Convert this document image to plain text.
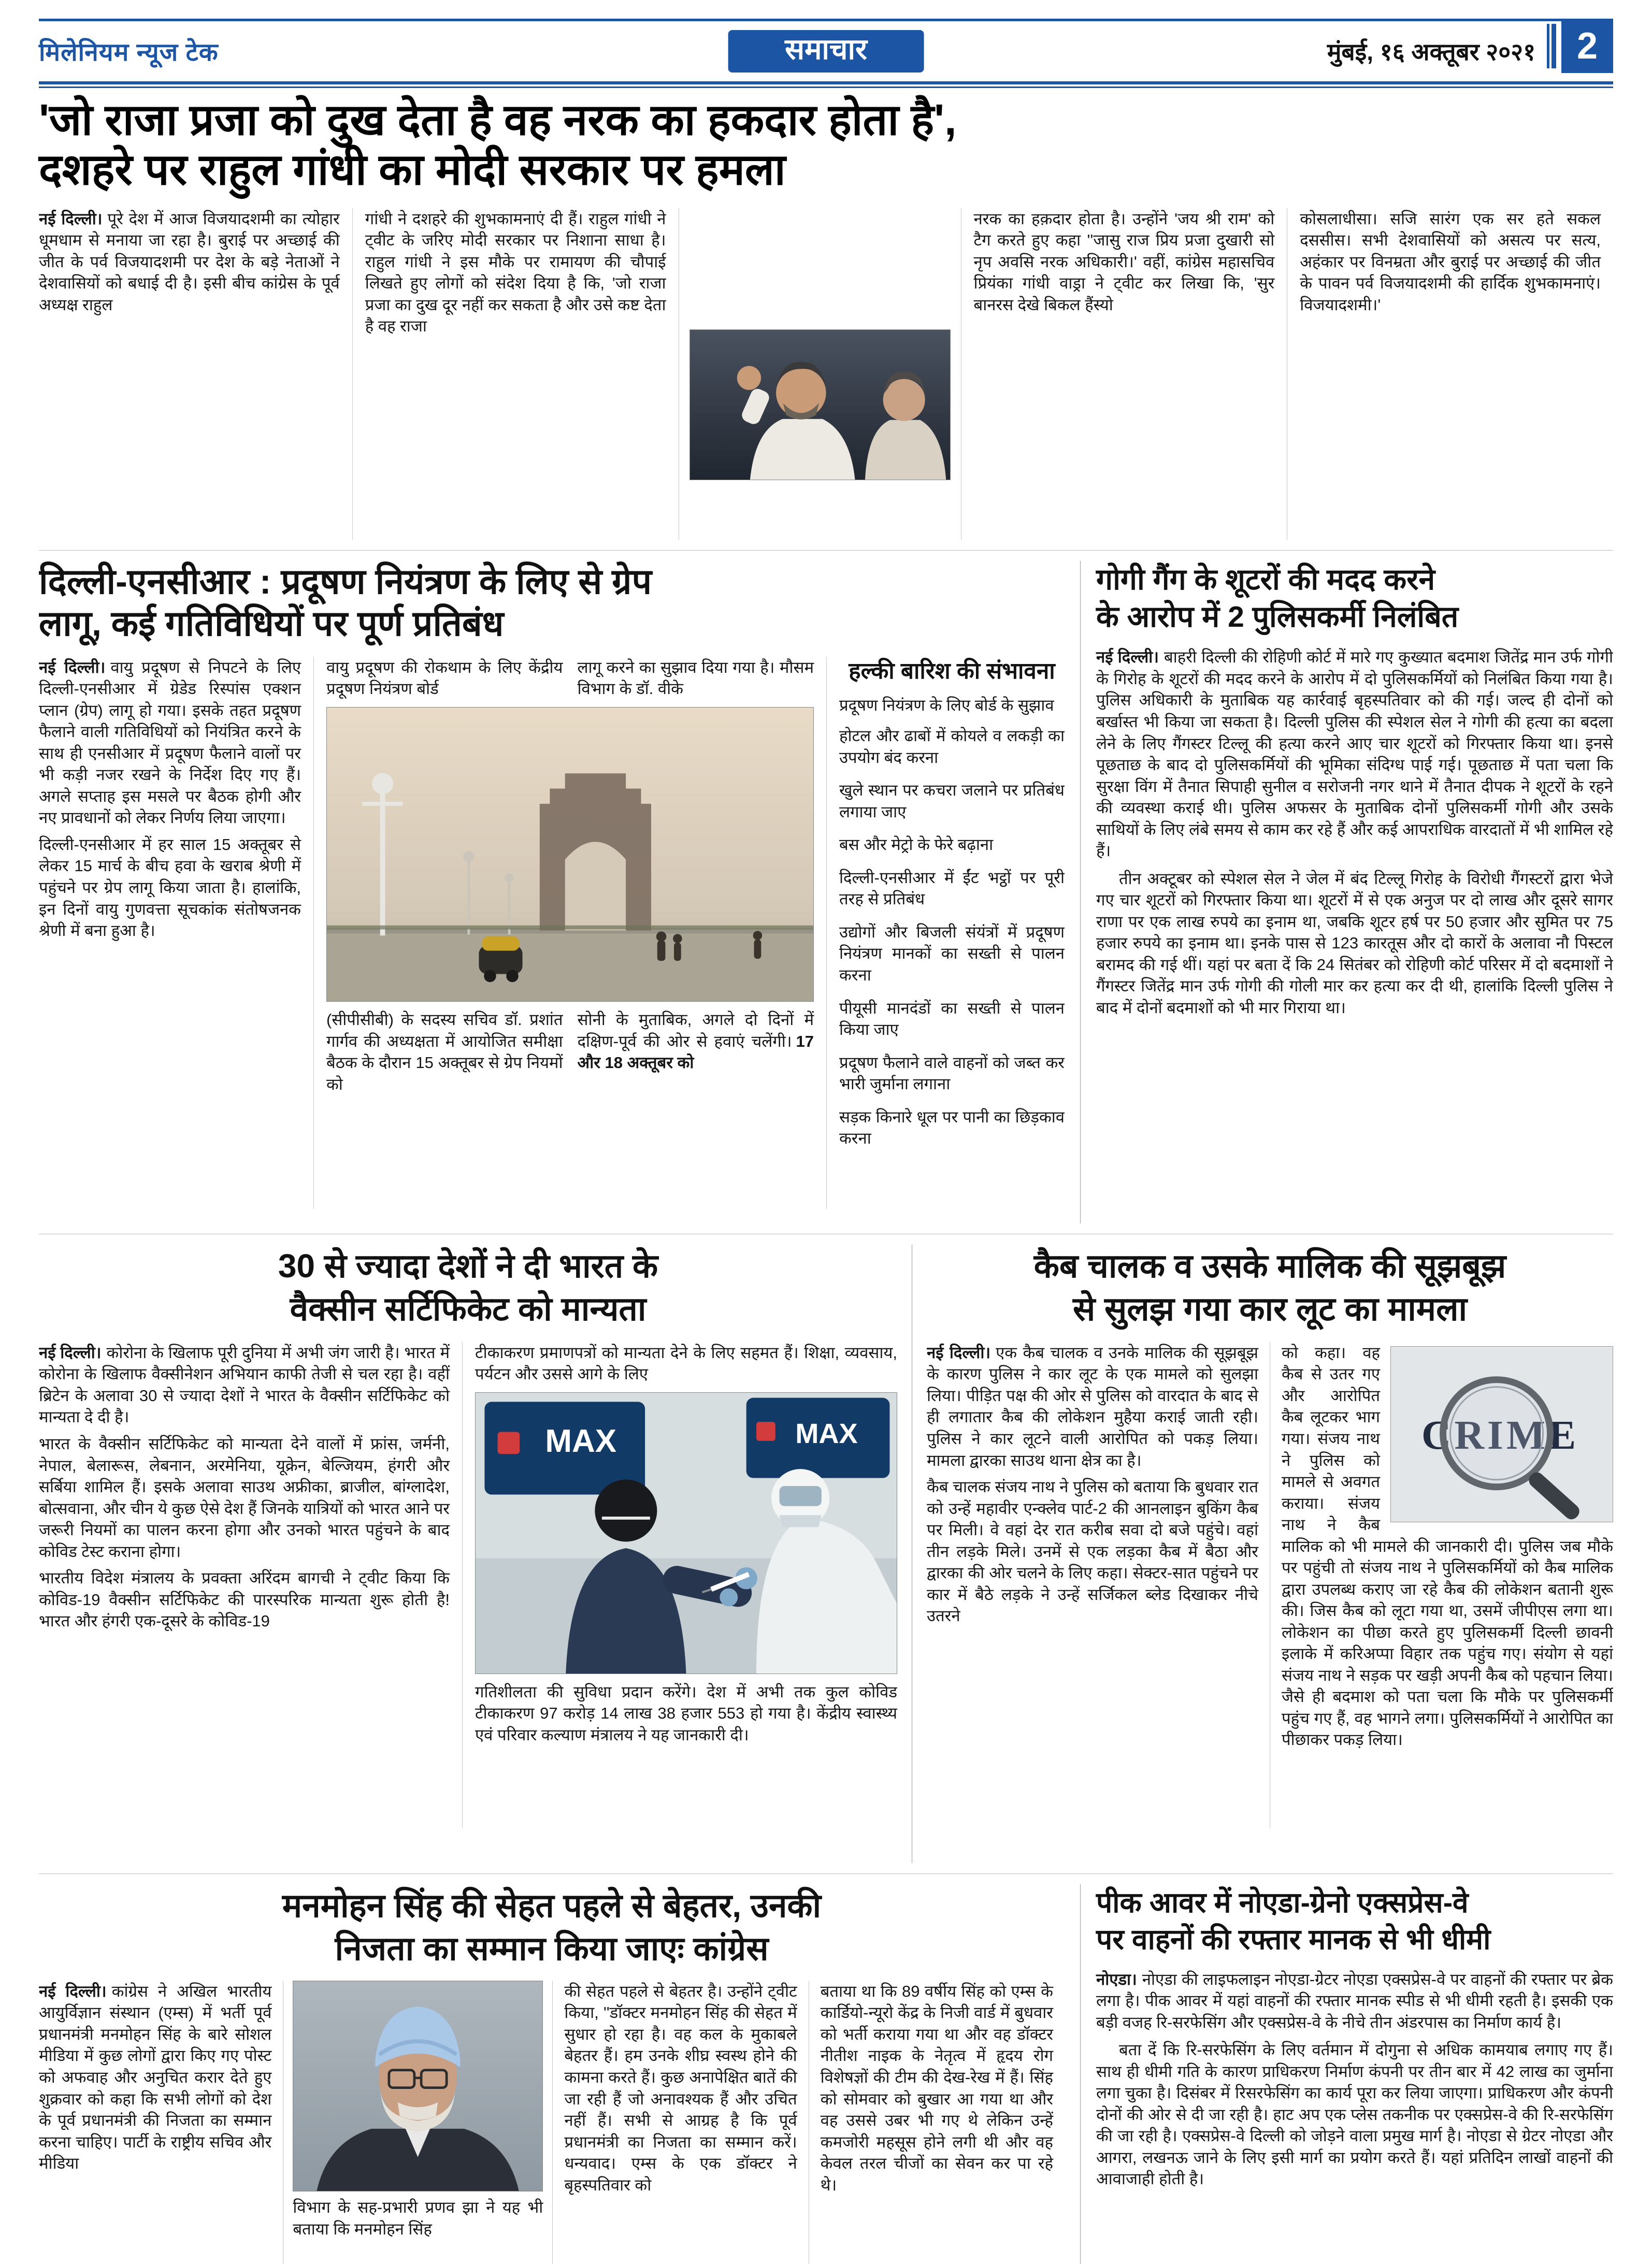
मिलेनियम न्यूज टेक	समाचार	मुंबई, १६ अक्तूबर २०२१	2
'जो राजा प्रजा को दुख देता है वह नरक का हकदार होता है',
दशहरे पर राहुल गांधी का मोदी सरकार पर हमला
नई दिल्ली। पूरे देश में आज विजयादशमी का त्योहार धूमधाम से मनाया जा रहा है। बुराई पर अच्छाई की जीत के पर्व विजयादशमी पर देश के बड़े नेताओं ने देशवासियों को बधाई दी है। इसी बीच कांग्रेस के पूर्व अध्यक्ष राहुल
गांधी ने दशहरे की शुभकामनाएं दी हैं। राहुल गांधी ने ट्वीट के जरिए मोदी सरकार पर निशाना साधा है। राहुल गांधी ने इस मौके पर रामायण की चौपाई लिखते हुए लोगों को संदेश दिया है कि, 'जो राजा प्रजा का दुख दूर नहीं कर सकता है और उसे कष्ट देता है वह राजा
नरक का हक़दार होता है। उन्होंने 'जय श्री राम' को टैग करते हुए कहा ''जासु राज प्रिय प्रजा दुखारी सो नृप अवसि नरक अधिकारी।' वहीं, कांग्रेस महासचिव प्रियंका गांधी वाड्रा ने ट्वीट कर लिखा कि, 'सुर बानरस देखे बिकल हैंस्यो
कोसलाधीसा। सजि सारंग एक सर हते सकल दससीस। सभी देशवासियों को असत्य पर सत्य, अहंकार पर विनम्रता और बुराई पर अच्छाई की जीत के पावन पर्व विजयादशमी की हार्दिक शुभकामनाएं। विजयादशमी।'
दिल्ली-एनसीआर : प्रदूषण नियंत्रण के लिए से ग्रेप
लागू, कई गतिविधियों पर पूर्ण प्रतिबंध

नई दिल्ली। वायु प्रदूषण से निपटने के लिए दिल्ली-एनसीआर में ग्रेडेड रिस्पांस एक्शन प्लान (ग्रेप) लागू हो गया। इसके तहत प्रदूषण फैलाने वाली गतिविधियों को नियंत्रित करने के साथ ही एनसीआर में प्रदूषण फैलाने वालों पर भी कड़ी नजर रखने के निर्देश दिए गए हैं। अगले सप्ताह इस मसले पर बैठक होगी और नए प्रावधानों को लेकर निर्णय लिया जाएगा।

दिल्ली-एनसीआर में हर साल 15 अक्तूबर से लेकर 15 मार्च के बीच हवा के खराब श्रेणी में पहुंचने पर ग्रेप लागू किया जाता है। हालांकि, इन दिनों वायु गुणवत्ता सूचकांक संतोषजनक श्रेणी में बना हुआ है।

वायु प्रदूषण की रोकथाम के लिए केंद्रीय प्रदूषण नियंत्रण बोर्ड
लागू करने का सुझाव दिया गया है। मौसम विभाग के डॉ. वीके
(सीपीसीबी) के सदस्य सचिव डॉ. प्रशांत गार्गव की अध्यक्षता में आयोजित समीक्षा बैठक के दौरान 15 अक्तूबर से ग्रेप नियमों को
सोनी के मुताबिक, अगले दो दिनों में दक्षिण-पूर्व की ओर से हवाएं चलेंगी। 17 और 18 अक्तूबर को
हल्की बारिश की संभावना
प्रदूषण नियंत्रण के लिए बोर्ड के सुझाव
होटल और ढाबों में कोयले व लकड़ी का उपयोग बंद करना
खुले स्थान पर कचरा जलाने पर प्रतिबंध लगाया जाए
बस और मेट्रो के फेरे बढ़ाना
दिल्ली-एनसीआर में ईंट भट्ठों पर पूरी तरह से प्रतिबंध
उद्योगों और बिजली संयंत्रों में प्रदूषण नियंत्रण मानकों का सख्ती से पालन करना
पीयूसी मानदंडों का सख्ती से पालन किया जाए
प्रदूषण फैलाने वाले वाहनों को जब्त कर भारी जुर्माना लगाना
सड़क किनारे धूल पर पानी का छिड़काव करना
गोगी गैंग के शूटरों की मदद करने
के आरोप में 2 पुलिसकर्मी निलंबित

नई दिल्ली। बाहरी दिल्ली की रोहिणी कोर्ट में मारे गए कुख्यात बदमाश जितेंद्र मान उर्फ गोगी के गिरोह के शूटरों की मदद करने के आरोप में दो पुलिसकर्मियों को निलंबित किया गया है। पुलिस अधिकारी के मुताबिक यह कार्रवाई बृहस्पतिवार को की गई। जल्द ही दोनों को बर्खास्त भी किया जा सकता है। दिल्ली पुलिस की स्पेशल सेल ने गोगी की हत्या का बदला लेने के लिए गैंगस्टर टिल्लू की हत्या करने आए चार शूटरों को गिरफ्तार किया था। इनसे पूछताछ के बाद दो पुलिसकर्मियों की भूमिका संदिग्ध पाई गई। पूछताछ में पता चला कि सुरक्षा विंग में तैनात सिपाही सुनील व सरोजनी नगर थाने में तैनात दीपक ने शूटरों के रहने की व्यवस्था कराई थी। पुलिस अफसर के मुताबिक दोनों पुलिसकर्मी गोगी और उसके साथियों के लिए लंबे समय से काम कर रहे हैं और कई आपराधिक वारदातों में भी शामिल रहे हैं।

तीन अक्टूबर को स्पेशल सेल ने जेल में बंद टिल्लू गिरोह के विरोधी गैंगस्टरों द्वारा भेजे गए चार शूटरों को गिरफ्तार किया था। शूटरों में से एक अनुज पर दो लाख और दूसरे सागर राणा पर एक लाख रुपये का इनाम था, जबकि शूटर हर्ष पर 50 हजार और सुमित पर 75 हजार रुपये का इनाम था। इनके पास से 123 कारतूस और दो कारों के अलावा नौ पिस्टल बरामद की गई थीं। यहां पर बता दें कि 24 सितंबर को रोहिणी कोर्ट परिसर में दो बदमाशों ने गैंगस्टर जितेंद्र मान उर्फ गोगी की गोली मार कर हत्या कर दी थी, हालांकि दिल्ली पुलिस ने बाद में दोनों बदमाशों को भी मार गिराया था।

30 से ज्यादा देशों ने दी भारत के
वैक्सीन सर्टिफिकेट को मान्यता

नई दिल्ली। कोरोना के खिलाफ पूरी दुनिया में अभी जंग जारी है। भारत में कोरोना के खिलाफ वैक्सीनेशन अभियान काफी तेजी से चल रहा है। वहीं ब्रिटेन के अलावा 30 से ज्यादा देशों ने भारत के वैक्सीन सर्टिफिकेट को मान्यता दे दी है।

भारत के वैक्सीन सर्टिफिकेट को मान्यता देने वालों में फ्रांस, जर्मनी, नेपाल, बेलारूस, लेबनान, अरमेनिया, यूक्रेन, बेल्जियम, हंगरी और सर्बिया शामिल हैं। इसके अलावा साउथ अफ्रीका, ब्राजील, बांग्लादेश, बोत्सवाना, और चीन ये कुछ ऐसे देश हैं जिनके यात्रियों को भारत आने पर जरूरी नियमों का पालन करना होगा और उनको भारत पहुंचने के बाद कोविड टेस्ट कराना होगा।

भारतीय विदेश मंत्रालय के प्रवक्ता अरिंदम बागची ने ट्वीट किया कि कोविड-19 वैक्सीन सर्टिफिकेट की पारस्परिक मान्यता शुरू होती है! भारत और हंगरी एक-दूसरे के कोविड-19

टीकाकरण प्रमाणपत्रों को मान्यता देने के लिए सहमत हैं। शिक्षा, व्यवसाय, पर्यटन और उससे आगे के लिए
MAX	MAX
गतिशीलता की सुविधा प्रदान करेंगे। देश में अभी तक कुल कोविड टीकाकरण 97 करोड़ 14 लाख 38 हजार 553 हो गया है। केंद्रीय स्वास्थ्य एवं परिवार कल्याण मंत्रालय ने यह जानकारी दी।
कैब चालक व उसके मालिक की सूझबूझ
से सुलझ गया कार लूट का मामला

नई दिल्ली। एक कैब चालक व उनके मालिक की सूझबूझ के कारण पुलिस ने कार लूट के एक मामले को सुलझा लिया। पीड़ित पक्ष की ओर से पुलिस को वारदात के बाद से ही लगातार कैब की लोकेशन मुहैया कराई जाती रही। पुलिस ने कार लूटने वाली आरोपित को पकड़ लिया। मामला द्वारका साउथ थाना क्षेत्र का है।

कैब चालक संजय नाथ ने पुलिस को बताया कि बुधवार रात को उन्हें महावीर एन्क्लेव पार्ट-2 की आनलाइन बुकिंग कैब पर मिली। वे वहां देर रात करीब सवा दो बजे पहुंचे। वहां तीन लड़के मिले। उनमें से एक लड़का कैब में बैठा और द्वारका की ओर चलने के लिए कहा। सेक्टर-सात पहुंचने पर कार में बैठे लड़के ने उन्हें सर्जिकल ब्लेड दिखाकर नीचे उतरने

CRIME
को कहा। वह कैब से उतर गए और आरोपित कैब लूटकर भाग गया। संजय नाथ ने पुलिस को मामले से अवगत कराया। संजय नाथ ने कैब मालिक को भी मामले की जानकारी दी। पुलिस जब मौके पर पहुंची तो संजय नाथ ने पुलिसकर्मियों को कैब मालिक द्वारा उपलब्ध कराए जा रहे कैब की लोकेशन बतानी शुरू की। जिस कैब को लूटा गया था, उसमें जीपीएस लगा था। लोकेशन का पीछा करते हुए पुलिसकर्मी दिल्ली छावनी इलाके में करिअप्पा विहार तक पहुंच गए। संयोग से यहां संजय नाथ ने सड़क पर खड़ी अपनी कैब को पहचान लिया। जैसे ही बदमाश को पता चला कि मौके पर पुलिसकर्मी पहुंच गए हैं, वह भागने लगा। पुलिसकर्मियों ने आरोपित का पीछाकर पकड़ लिया।
मनमोहन सिंह की सेहत पहले से बेहतर, उनकी
निजता का सम्मान किया जाएः कांग्रेस
नई दिल्ली। कांग्रेस ने अखिल भारतीय आयुर्विज्ञान संस्थान (एम्स) में भर्ती पूर्व प्रधानमंत्री मनमोहन सिंह के बारे सोशल मीडिया में कुछ लोगों द्वारा किए गए पोस्ट को अफवाह और अनुचित करार देते हुए शुक्रवार को कहा कि सभी लोगों को देश के पूर्व प्रधानमंत्री की निजता का सम्मान करना चाहिए। पार्टी के राष्ट्रीय सचिव और मीडिया
विभाग के सह-प्रभारी प्रणव झा ने यह भी बताया कि मनमोहन सिंह
की सेहत पहले से बेहतर है। उन्होंने ट्वीट किया, ''डॉक्टर मनमोहन सिंह की सेहत में सुधार हो रहा है। वह कल के मुकाबले बेहतर हैं। हम उनके शीघ्र स्वस्थ होने की कामना करते हैं। कुछ अनापेक्षित बातें की जा रही हैं जो अनावश्यक हैं और उचित नहीं हैं। सभी से आग्रह है कि पूर्व प्रधानमंत्री का निजता का सम्मान करें। धन्यवाद। एम्स के एक डॉक्टर ने बृहस्पतिवार को
बताया था कि 89 वर्षीय सिंह को एम्स के कार्डियो-न्यूरो केंद्र के निजी वार्ड में बुधवार को भर्ती कराया गया था और वह डॉक्टर नीतीश नाइक के नेतृत्व में हृदय रोग विशेषज्ञों की टीम की देख-रेख में हैं। सिंह को सोमवार को बुखार आ गया था और वह उससे उबर भी गए थे लेकिन उन्हें कमजोरी महसूस होने लगी थी और वह केवल तरल चीजों का सेवन कर पा रहे थे।
पीक आवर में नोएडा-ग्रेनो एक्सप्रेस-वे
पर वाहनों की रफ्तार मानक से भी धीमी

नोएडा। नोएडा की लाइफलाइन नोएडा-ग्रेटर नोएडा एक्सप्रेस-वे पर वाहनों की रफ्तार पर ब्रेक लगा है। पीक आवर में यहां वाहनों की रफ्तार मानक स्पीड से भी धीमी रहती है। इसकी एक बड़ी वजह रि-सरफेसिंग और एक्सप्रेस-वे के नीचे तीन अंडरपास का निर्माण कार्य है।

बता दें कि रि-सरफेसिंग के लिए वर्तमान में दोगुना से अधिक कामयाब लगाए गए हैं। साथ ही धीमी गति के कारण प्राधिकरण निर्माण कंपनी पर तीन बार में 42 लाख का जुर्माना लगा चुका है। दिसंबर में रिसरफेसिंग का कार्य पूरा कर लिया जाएगा। प्राधिकरण और कंपनी दोनों की ओर से दी जा रही है। हाट अप एक प्लेस तकनीक पर एक्सप्रेस-वे की रि-सरफेसिंग की जा रही है। एक्सप्रेस-वे दिल्ली को जोड़ने वाला प्रमुख मार्ग है। नोएडा से ग्रेटर नोएडा और आगरा, लखनऊ जाने के लिए इसी मार्ग का प्रयोग करते हैं। यहां प्रतिदिन लाखों वाहनों की आवाजाही होती है।
